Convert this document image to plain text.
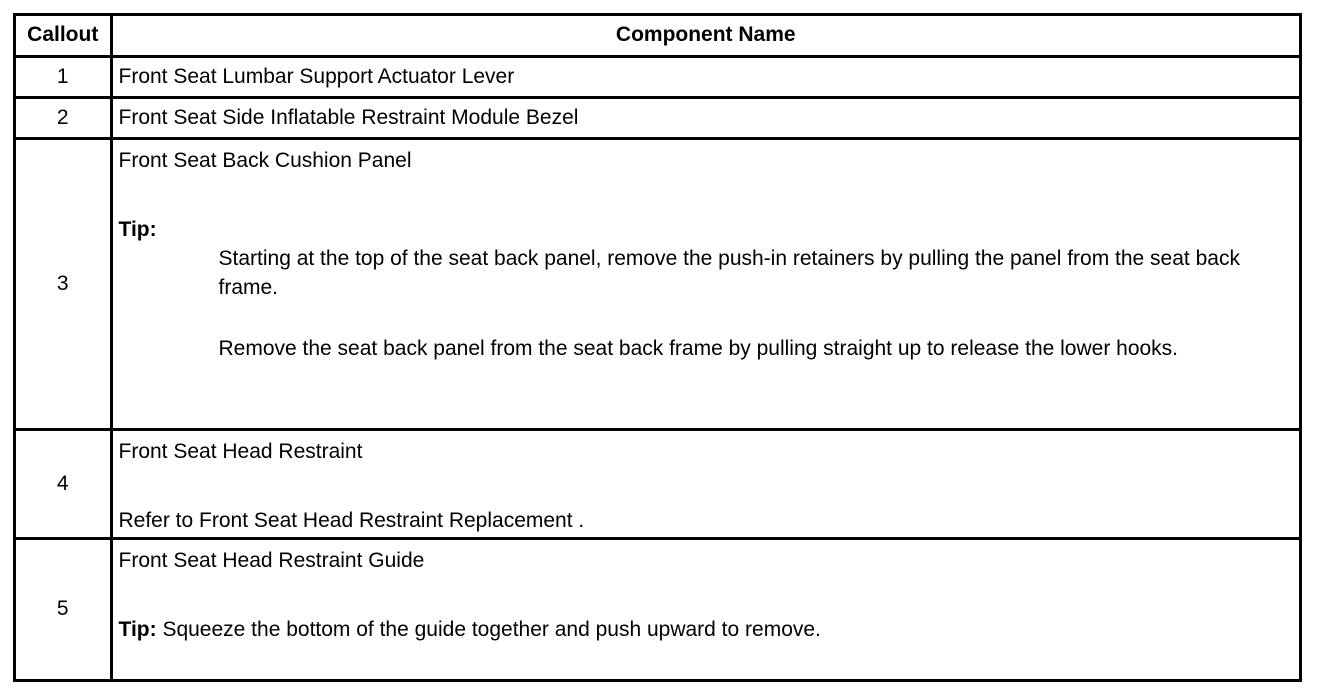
Callout	Component Name
1	Front Seat Lumbar Support Actuator Lever
2	Front Seat Side Inflatable Restraint Module Bezel
3	Front Seat Back Cushion Panel

Tip:

Starting at the top of the seat back panel, remove the push-in retainers by pulling the panel from the seat back frame.

Remove the seat back panel from the seat back frame by pulling straight up to release the lower hooks.

4	Front Seat Head Restraint

Refer to Front Seat Head Restraint Replacement .

5	Front Seat Head Restraint Guide

Tip: Squeeze the bottom of the guide together and push upward to remove.
